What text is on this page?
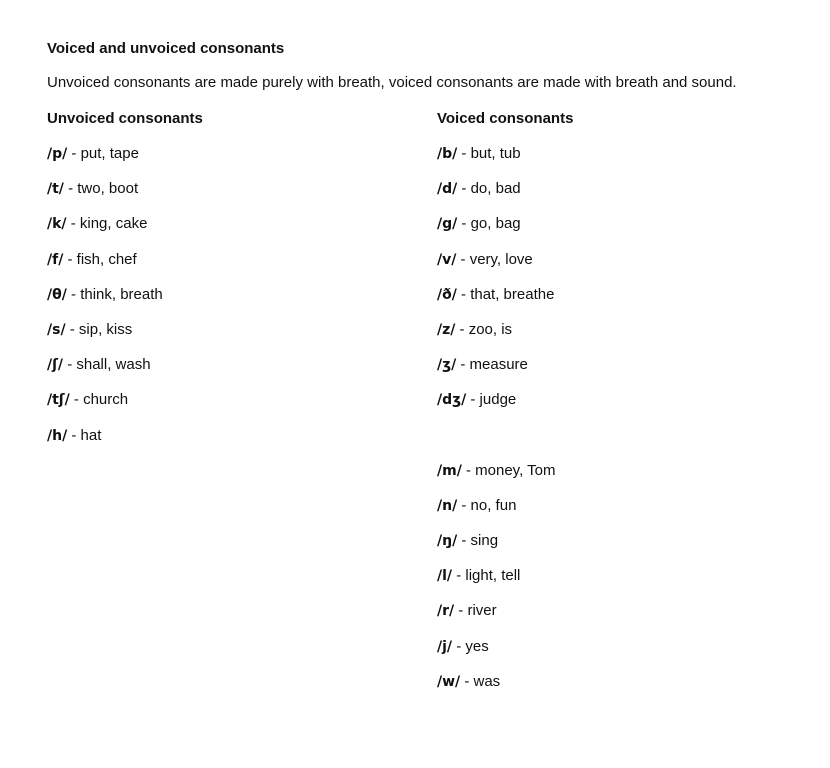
Voiced and unvoiced consonants

Unvoiced consonants are made purely with breath, voiced consonants are made with breath and sound.

Unvoiced consonants
/p/ - put, tape
/t/ - two, boot
/k/ - king, cake
/f/ - fish, chef
/θ/ - think, breath
/s/ - sip, kiss
/ʃ/ - shall, wash
/tʃ/ - church
/h/ - hat
Voiced consonants
/b/ - but, tub
/d/ - do, bad
/g/ - go, bag
/v/ - very, love
/ð/ - that, breathe
/z/ - zoo, is
/ʒ/ - measure
/dʒ/ - judge
/m/ - money, Tom
/n/ - no, fun
/ŋ/ - sing
/l/ - light, tell
/r/ - river
/j/ - yes
/w/ - was
